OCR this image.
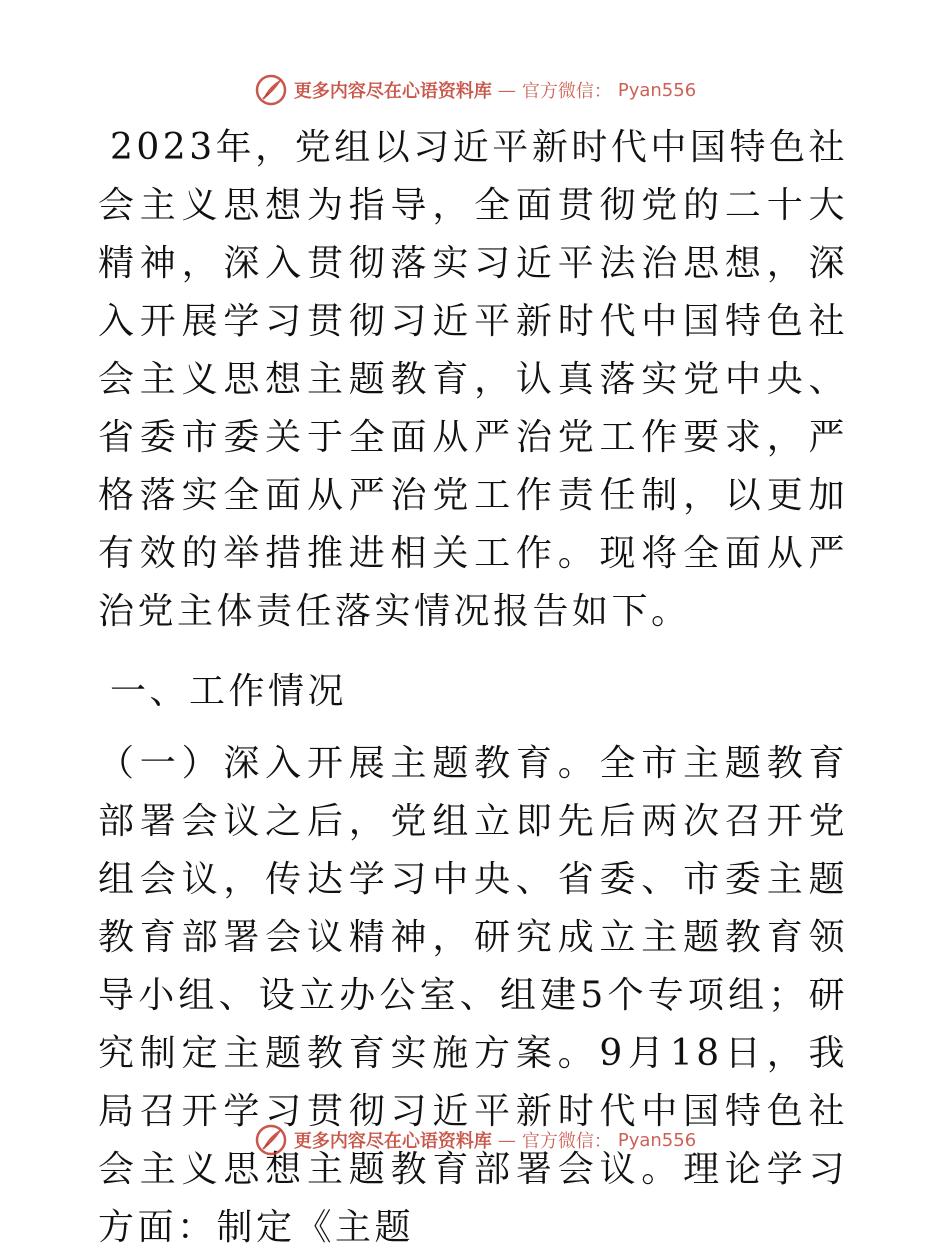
更多内容尽在心语资料库 — 官方微信： Pyan556

2023年，党组以习近平新时代中国特色社会主义思想为指导，全面贯彻党的二十大精神，深入贯彻落实习近平法治思想，深入开展学习贯彻习近平新时代中国特色社会主义思想主题教育，认真落实党中央、省委市委关于全面从严治党工作要求，严格落实全面从严治党工作责任制，以更加有效的举措推进相关工作。现将全面从严治党主体责任落实情况报告如下。

一、工作情况

（一）深入开展主题教育。全市主题教育部署会议之后，党组立即先后两次召开党组会议，传达学习中央、省委、市委主题教育部署会议精神，研究成立主题教育领导小组、设立办公室、组建5个专项组；研究制定主题教育实施方案。9月18日，我局召开学习贯彻习近平新时代中国特色社会主义思想主题教育部署会议。理论学习方面：制定《主题

更多内容尽在心语资料库 — 官方微信： Pyan556
